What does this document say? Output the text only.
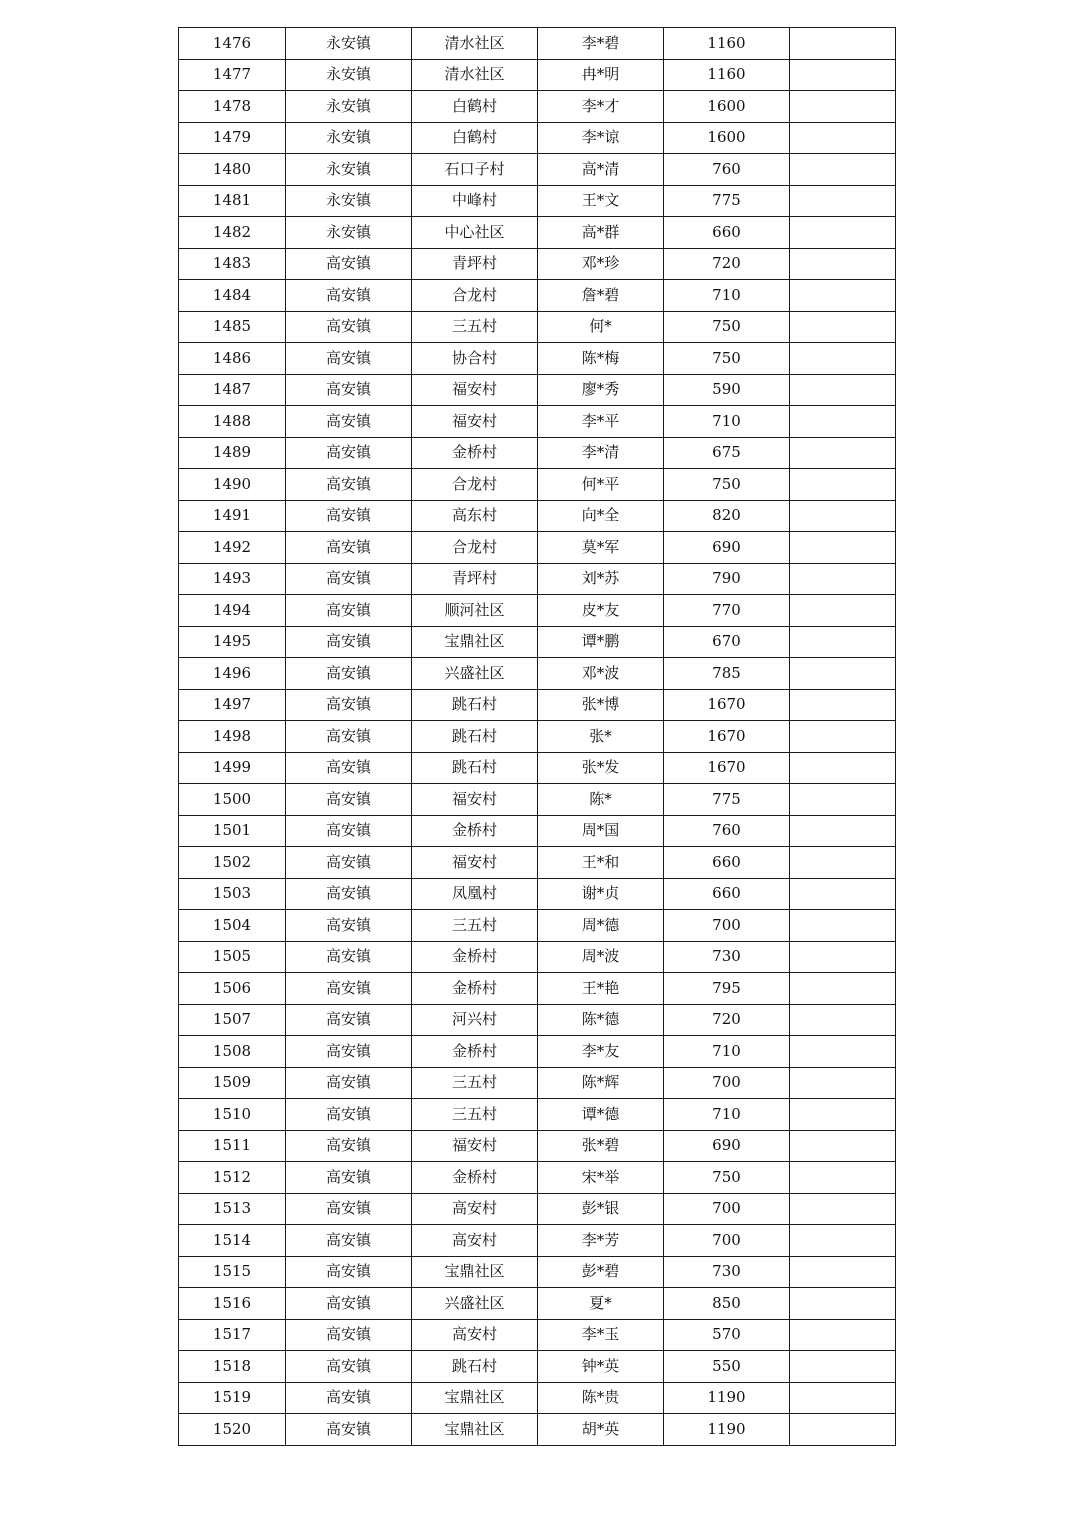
1476	永安镇	清水社区	李*碧	1160	
1477	永安镇	清水社区	冉*明	1160	
1478	永安镇	白鹤村	李*才	1600	
1479	永安镇	白鹤村	李*谅	1600	
1480	永安镇	石口子村	高*清	760	
1481	永安镇	中峰村	王*文	775	
1482	永安镇	中心社区	高*群	660	
1483	高安镇	青坪村	邓*珍	720	
1484	高安镇	合龙村	詹*碧	710	
1485	高安镇	三五村	何*	750	
1486	高安镇	协合村	陈*梅	750	
1487	高安镇	福安村	廖*秀	590	
1488	高安镇	福安村	李*平	710	
1489	高安镇	金桥村	李*清	675	
1490	高安镇	合龙村	何*平	750	
1491	高安镇	高东村	向*全	820	
1492	高安镇	合龙村	莫*军	690	
1493	高安镇	青坪村	刘*苏	790	
1494	高安镇	顺河社区	皮*友	770	
1495	高安镇	宝鼎社区	谭*鹏	670	
1496	高安镇	兴盛社区	邓*波	785	
1497	高安镇	跳石村	张*博	1670	
1498	高安镇	跳石村	张*	1670	
1499	高安镇	跳石村	张*发	1670	
1500	高安镇	福安村	陈*	775	
1501	高安镇	金桥村	周*国	760	
1502	高安镇	福安村	王*和	660	
1503	高安镇	凤凰村	谢*贞	660	
1504	高安镇	三五村	周*德	700	
1505	高安镇	金桥村	周*波	730	
1506	高安镇	金桥村	王*艳	795	
1507	高安镇	河兴村	陈*德	720	
1508	高安镇	金桥村	李*友	710	
1509	高安镇	三五村	陈*辉	700	
1510	高安镇	三五村	谭*德	710	
1511	高安镇	福安村	张*碧	690	
1512	高安镇	金桥村	宋*举	750	
1513	高安镇	高安村	彭*银	700	
1514	高安镇	高安村	李*芳	700	
1515	高安镇	宝鼎社区	彭*碧	730	
1516	高安镇	兴盛社区	夏*	850	
1517	高安镇	高安村	李*玉	570	
1518	高安镇	跳石村	钟*英	550	
1519	高安镇	宝鼎社区	陈*贵	1190	
1520	高安镇	宝鼎社区	胡*英	1190	
